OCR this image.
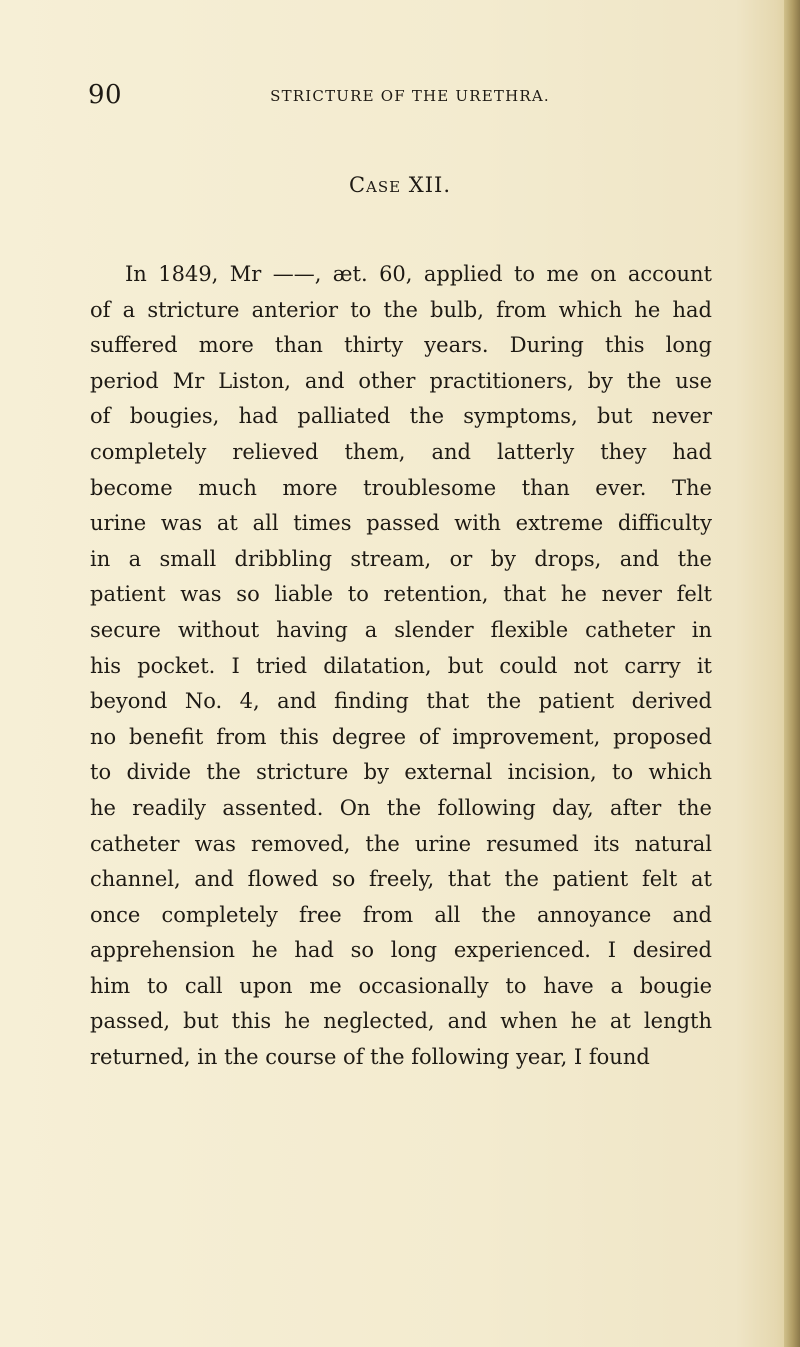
90	STRICTURE OF THE URETHRA.
Case XII.
In 1849, Mr ——, æt. 60, applied to me on account
of a stricture anterior to the bulb, from which he had
suffered more than thirty years. During this long
period Mr Liston, and other practitioners, by the use
of bougies, had palliated the symptoms, but never
completely relieved them, and latterly they had
become much more troublesome than ever. The
urine was at all times passed with extreme difficulty
in a small dribbling stream, or by drops, and the
patient was so liable to retention, that he never felt
secure without having a slender flexible catheter in
his pocket. I tried dilatation, but could not carry it
beyond No. 4, and finding that the patient derived
no benefit from this degree of improvement, proposed
to divide the stricture by external incision, to which
he readily assented. On the following day, after the
catheter was removed, the urine resumed its natural
channel, and flowed so freely, that the patient felt at
once completely free from all the annoyance and
apprehension he had so long experienced. I desired
him to call upon me occasionally to have a bougie
passed, but this he neglected, and when he at length
returned, in the course of the following year, I found
